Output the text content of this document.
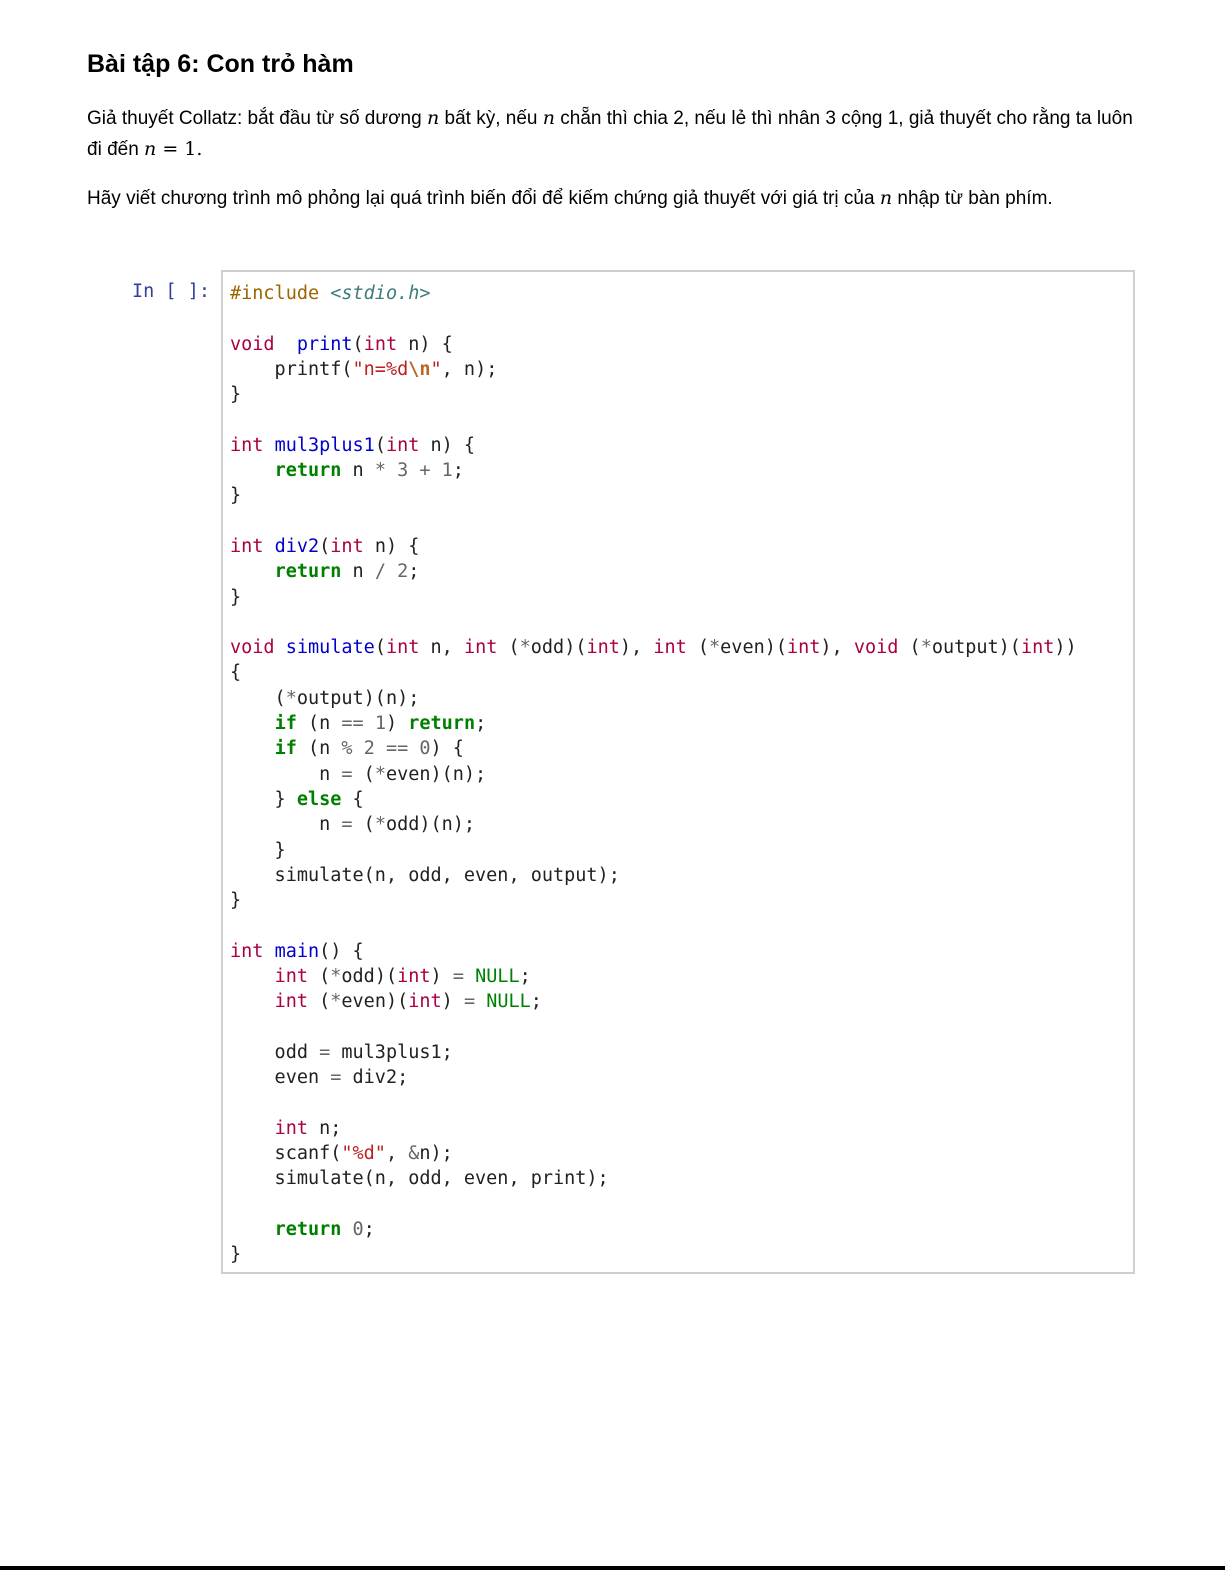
Bài tập 6: Con trỏ hàm

Giả thuyết Collatz: bắt đầu từ số dương n bất kỳ, nếu n chẵn thì chia 2, nếu lẻ thì nhân 3 cộng 1, giả thuyết cho rằng ta luôn đi đến n = 1.

Hãy viết chương trình mô phỏng lại quá trình biến đổi để kiếm chứng giả thuyết với giá trị của n nhập từ bàn phím.

In [ ]: #include <stdio.h>

void print(int n) {
printf("n=%d\n", n);
}

int mul3plus1(int n) {
return n * 3 + 1;
}

int div2(int n) {
return n / 2;
}

void simulate(int n, int (*odd)(int), int (*even)(int), void (*output)(int))
{
(*output)(n);
if (n == 1) return;
if (n % 2 == 0) {
n = (*even)(n);
} else {
n = (*odd)(n);
}
simulate(n, odd, even, output);
}

int main() {
int (*odd)(int) = NULL;
int (*even)(int) = NULL;

odd = mul3plus1;
even = div2;

int n;
scanf("%d", &n);
simulate(n, odd, even, print);

return 0;
}
